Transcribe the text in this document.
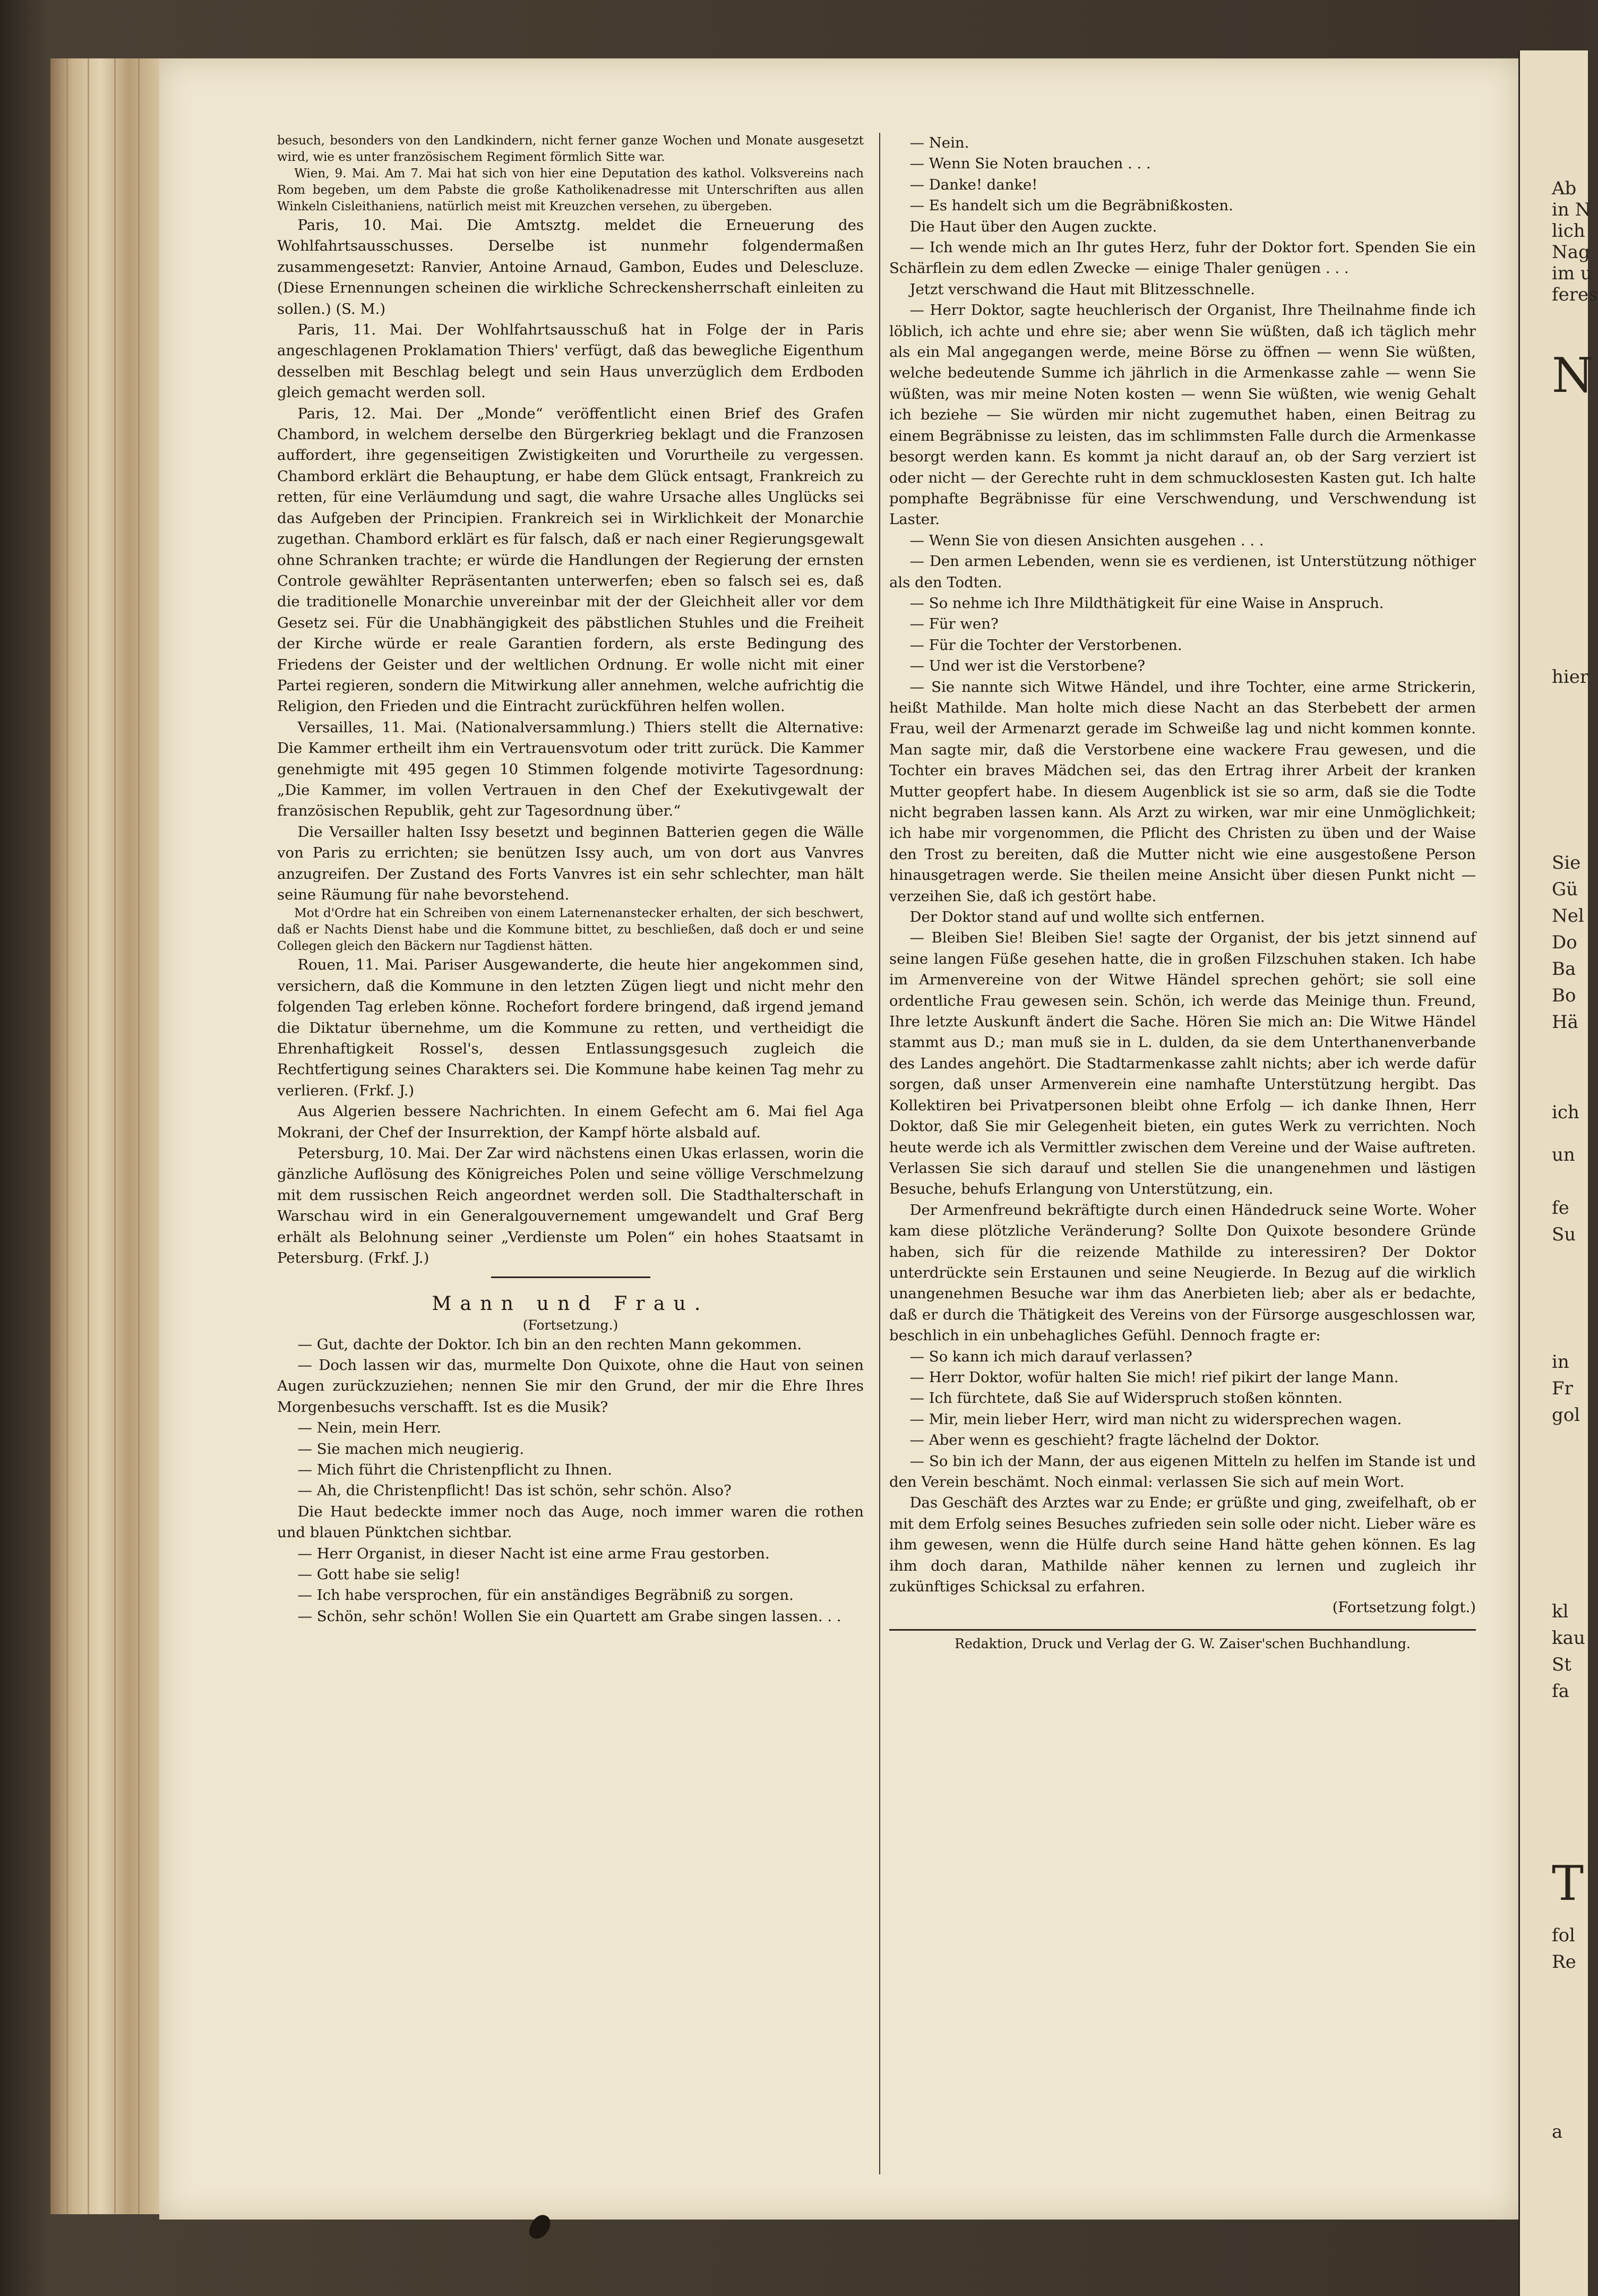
besuch, besonders von den Landkindern, nicht ferner ganze Wochen und Monate ausgesetzt wird, wie es unter französischem Regiment förmlich Sitte war.

Wien, 9. Mai. Am 7. Mai hat sich von hier eine Deputation des kathol. Volksvereins nach Rom begeben, um dem Pabste die große Katholikenadresse mit Unterschriften aus allen Winkeln Cisleithaniens, natürlich meist mit Kreuzchen versehen, zu übergeben.

Paris, 10. Mai. Die Amtsztg. meldet die Erneuerung des Wohlfahrtsausschusses. Derselbe ist nunmehr folgendermaßen zusammengesetzt: Ranvier, Antoine Arnaud, Gambon, Eudes und Delescluze. (Diese Ernennungen scheinen die wirkliche Schreckensherrschaft einleiten zu sollen.) (S. M.)

Paris, 11. Mai. Der Wohlfahrtsausschuß hat in Folge der in Paris angeschlagenen Proklamation Thiers' verfügt, daß das bewegliche Eigenthum desselben mit Beschlag belegt und sein Haus unverzüglich dem Erdboden gleich gemacht werden soll.

Paris, 12. Mai. Der „Monde“ veröffentlicht einen Brief des Grafen Chambord, in welchem derselbe den Bürgerkrieg beklagt und die Franzosen auffordert, ihre gegenseitigen Zwistigkeiten und Vorurtheile zu vergessen. Chambord erklärt die Behauptung, er habe dem Glück entsagt, Frankreich zu retten, für eine Verläumdung und sagt, die wahre Ursache alles Unglücks sei das Aufgeben der Principien. Frankreich sei in Wirklichkeit der Monarchie zugethan. Chambord erklärt es für falsch, daß er nach einer Regierungsgewalt ohne Schranken trachte; er würde die Handlungen der Regierung der ernsten Controle gewählter Repräsentanten unterwerfen; eben so falsch sei es, daß die traditionelle Monarchie unvereinbar mit der der Gleichheit aller vor dem Gesetz sei. Für die Unabhängigkeit des päbstlichen Stuhles und die Freiheit der Kirche würde er reale Garantien fordern, als erste Bedingung des Friedens der Geister und der weltlichen Ordnung. Er wolle nicht mit einer Partei regieren, sondern die Mitwirkung aller annehmen, welche aufrichtig die Religion, den Frieden und die Eintracht zurückführen helfen wollen.

Versailles, 11. Mai. (Nationalversammlung.) Thiers stellt die Alternative: Die Kammer ertheilt ihm ein Vertrauensvotum oder tritt zurück. Die Kammer genehmigte mit 495 gegen 10 Stimmen folgende motivirte Tagesordnung: „Die Kammer, im vollen Vertrauen in den Chef der Exekutivgewalt der französischen Republik, geht zur Tagesordnung über.“

Die Versailler halten Issy besetzt und beginnen Batterien gegen die Wälle von Paris zu errichten; sie benützen Issy auch, um von dort aus Vanvres anzugreifen. Der Zustand des Forts Vanvres ist ein sehr schlechter, man hält seine Räumung für nahe bevorstehend.

Mot d'Ordre hat ein Schreiben von einem Laternenanstecker erhalten, der sich beschwert, daß er Nachts Dienst habe und die Kommune bittet, zu beschließen, daß doch er und seine Collegen gleich den Bäckern nur Tagdienst hätten.

Rouen, 11. Mai. Pariser Ausgewanderte, die heute hier angekommen sind, versichern, daß die Kommune in den letzten Zügen liegt und nicht mehr den folgenden Tag erleben könne. Rochefort fordere bringend, daß irgend jemand die Diktatur übernehme, um die Kommune zu retten, und vertheidigt die Ehrenhaftigkeit Rossel's, dessen Entlassungsgesuch zugleich die Rechtfertigung seines Charakters sei. Die Kommune habe keinen Tag mehr zu verlieren. (Frkf. J.)

Aus Algerien bessere Nachrichten. In einem Gefecht am 6. Mai fiel Aga Mokrani, der Chef der Insurrektion, der Kampf hörte alsbald auf.

Petersburg, 10. Mai. Der Zar wird nächstens einen Ukas erlassen, worin die gänzliche Auflösung des Königreiches Polen und seine völlige Verschmelzung mit dem russischen Reich angeordnet werden soll. Die Stadthalterschaft in Warschau wird in ein Generalgouvernement umgewandelt und Graf Berg erhält als Belohnung seiner „Verdienste um Polen“ ein hohes Staatsamt in Petersburg. (Frkf. J.)

Mann und Frau.
(Fortsetzung.)

— Gut, dachte der Doktor. Ich bin an den rechten Mann gekommen.

— Doch lassen wir das, murmelte Don Quixote, ohne die Haut von seinen Augen zurückzuziehen; nennen Sie mir den Grund, der mir die Ehre Ihres Morgenbesuchs verschafft. Ist es die Musik?

— Nein, mein Herr.

— Sie machen mich neugierig.

— Mich führt die Christenpflicht zu Ihnen.

— Ah, die Christenpflicht! Das ist schön, sehr schön. Also?

Die Haut bedeckte immer noch das Auge, noch immer waren die rothen und blauen Pünktchen sichtbar.

— Herr Organist, in dieser Nacht ist eine arme Frau gestorben.

— Gott habe sie selig!

— Ich habe versprochen, für ein anständiges Begräbniß zu sorgen.

— Schön, sehr schön! Wollen Sie ein Quartett am Grabe singen lassen. . .

— Nein.

— Wenn Sie Noten brauchen . . .

— Danke! danke!

— Es handelt sich um die Begräbnißkosten.

Die Haut über den Augen zuckte.

— Ich wende mich an Ihr gutes Herz, fuhr der Doktor fort. Spenden Sie ein Schärflein zu dem edlen Zwecke — einige Thaler genügen . . .

Jetzt verschwand die Haut mit Blitzesschnelle.

— Herr Doktor, sagte heuchlerisch der Organist, Ihre Theilnahme finde ich löblich, ich achte und ehre sie; aber wenn Sie wüßten, daß ich täglich mehr als ein Mal angegangen werde, meine Börse zu öffnen — wenn Sie wüßten, welche bedeutende Summe ich jährlich in die Armenkasse zahle — wenn Sie wüßten, was mir meine Noten kosten — wenn Sie wüßten, wie wenig Gehalt ich beziehe — Sie würden mir nicht zugemuthet haben, einen Beitrag zu einem Begräbnisse zu leisten, das im schlimmsten Falle durch die Armenkasse besorgt werden kann. Es kommt ja nicht darauf an, ob der Sarg verziert ist oder nicht — der Gerechte ruht in dem schmucklosesten Kasten gut. Ich halte pomphafte Begräbnisse für eine Verschwendung, und Verschwendung ist Laster.

— Wenn Sie von diesen Ansichten ausgehen . . .

— Den armen Lebenden, wenn sie es verdienen, ist Unterstützung nöthiger als den Todten.

— So nehme ich Ihre Mildthätigkeit für eine Waise in Anspruch.

— Für wen?

— Für die Tochter der Verstorbenen.

— Und wer ist die Verstorbene?

— Sie nannte sich Witwe Händel, und ihre Tochter, eine arme Strickerin, heißt Mathilde. Man holte mich diese Nacht an das Sterbebett der armen Frau, weil der Armenarzt gerade im Schweiße lag und nicht kommen konnte. Man sagte mir, daß die Verstorbene eine wackere Frau gewesen, und die Tochter ein braves Mädchen sei, das den Ertrag ihrer Arbeit der kranken Mutter geopfert habe. In diesem Augenblick ist sie so arm, daß sie die Todte nicht begraben lassen kann. Als Arzt zu wirken, war mir eine Unmöglichkeit; ich habe mir vorgenommen, die Pflicht des Christen zu üben und der Waise den Trost zu bereiten, daß die Mutter nicht wie eine ausgestoßene Person hinausgetragen werde. Sie theilen meine Ansicht über diesen Punkt nicht — verzeihen Sie, daß ich gestört habe.

Der Doktor stand auf und wollte sich entfernen.

— Bleiben Sie! Bleiben Sie! sagte der Organist, der bis jetzt sinnend auf seine langen Füße gesehen hatte, die in großen Filzschuhen staken. Ich habe im Armenvereine von der Witwe Händel sprechen gehört; sie soll eine ordentliche Frau gewesen sein. Schön, ich werde das Meinige thun. Freund, Ihre letzte Auskunft ändert die Sache. Hören Sie mich an: Die Witwe Händel stammt aus D.; man muß sie in L. dulden, da sie dem Unterthanenverbande des Landes angehört. Die Stadtarmenkasse zahlt nichts; aber ich werde dafür sorgen, daß unser Armenverein eine namhafte Unterstützung hergibt. Das Kollektiren bei Privatpersonen bleibt ohne Erfolg — ich danke Ihnen, Herr Doktor, daß Sie mir Gelegenheit bieten, ein gutes Werk zu verrichten. Noch heute werde ich als Vermittler zwischen dem Vereine und der Waise auftreten. Verlassen Sie sich darauf und stellen Sie die unangenehmen und lästigen Besuche, behufs Erlangung von Unterstützung, ein.

Der Armenfreund bekräftigte durch einen Händedruck seine Worte. Woher kam diese plötzliche Veränderung? Sollte Don Quixote besondere Gründe haben, sich für die reizende Mathilde zu interessiren? Der Doktor unterdrückte sein Erstaunen und seine Neugierde. In Bezug auf die wirklich unangenehmen Besuche war ihm das Anerbieten lieb; aber als er bedachte, daß er durch die Thätigkeit des Vereins von der Fürsorge ausgeschlossen war, beschlich in ein unbehagliches Gefühl. Dennoch fragte er:

— So kann ich mich darauf verlassen?

— Herr Doktor, wofür halten Sie mich! rief pikirt der lange Mann.

— Ich fürchtete, daß Sie auf Widerspruch stoßen könnten.

— Mir, mein lieber Herr, wird man nicht zu widersprechen wagen.

— Aber wenn es geschieht? fragte lächelnd der Doktor.

— So bin ich der Mann, der aus eigenen Mitteln zu helfen im Stande ist und den Verein beschämt. Noch einmal: verlassen Sie sich auf mein Wort.

Das Geschäft des Arztes war zu Ende; er grüßte und ging, zweifelhaft, ob er mit dem Erfolg seines Besuches zufrieden sein solle oder nicht. Lieber wäre es ihm gewesen, wenn die Hülfe durch seine Hand hätte gehen können. Es lag ihm doch daran, Mathilde näher kennen zu lernen und zugleich ihr zukünftiges Schicksal zu erfahren.

(Fortsetzung folgt.)

Redaktion, Druck und Verlag der G. W. Zaiser'schen Buchhandlung.
Ab
in N
lich
Nag
im u
feres
N
hier
Sie
Gü
Nel
Do
Ba
Bo
Hä
ich
un
fe
Su
in
Fr
gol
kl
kau
St
fa
T
fol
Re
a
